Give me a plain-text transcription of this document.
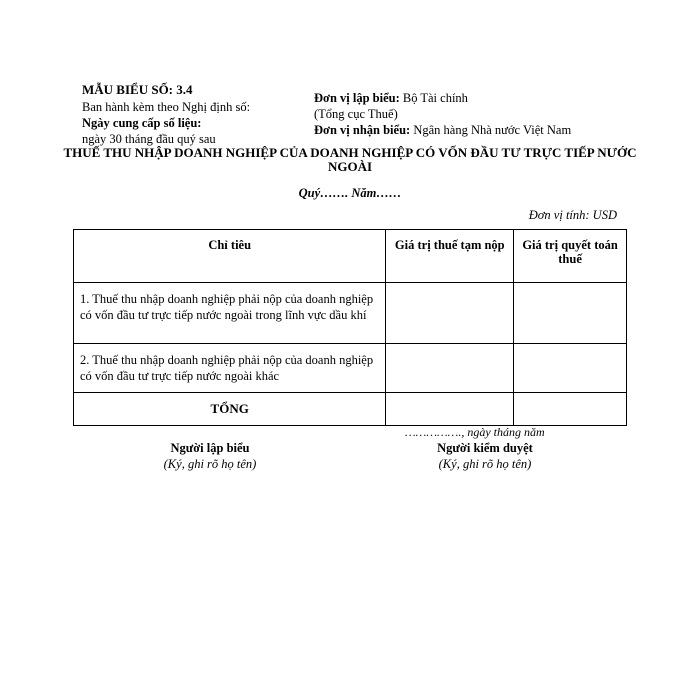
MẪU BIỂU SỐ: 3.4
Ban hành kèm theo Nghị định số:
Ngày cung cấp số liệu:
ngày 30 tháng đầu quý sau
Đơn vị lập biểu: Bộ Tài chính
(Tổng cục Thuế)
Đơn vị nhận biểu: Ngân hàng Nhà nước Việt Nam
THUẾ THU NHẬP DOANH NGHIỆP CỦA DOANH NGHIỆP CÓ VỐN ĐẦU TƯ TRỰC TIẾP NƯỚC NGOÀI
Quý……. Năm……
Đơn vị tính: USD
Chỉ tiêu	Giá trị thuế tạm nộp	Giá trị quyết toán thuế
1. Thuế thu nhập doanh nghiệp phải nộp của doanh nghiệp có vốn đầu tư trực tiếp nước ngoài trong lĩnh vực dầu khí		
2. Thuế thu nhập doanh nghiệp phải nộp của doanh nghiệp có vốn đầu tư trực tiếp nước ngoài khác		
TỔNG		
……………., ngày tháng năm
Người lập biểu
(Ký, ghi rõ họ tên)
Người kiểm duyệt
(Ký, ghi rõ họ tên)
